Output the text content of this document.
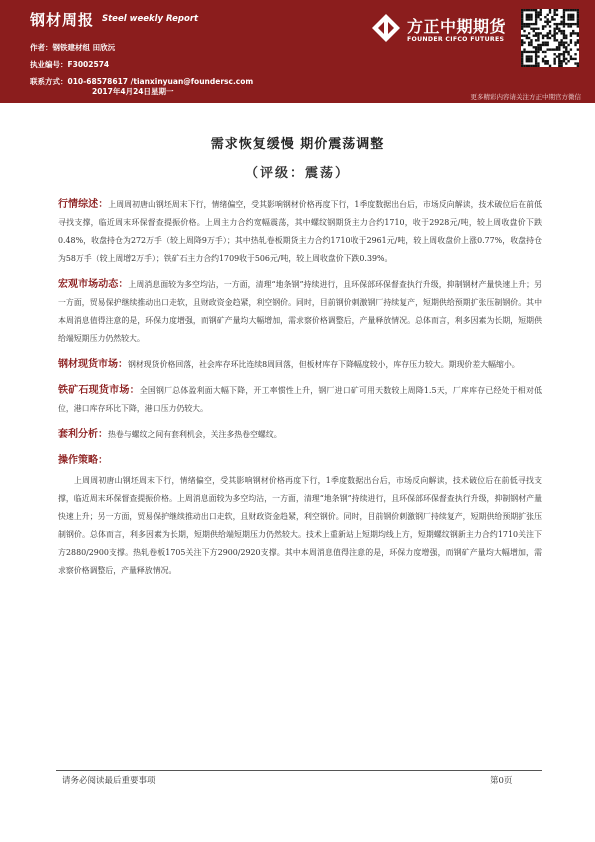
钢材周报 Steel weekly Report
作者：钢铁建材组 田欣沅
执业编号：F3002574
联系方式：010-68578617 /tianxinyuan@foundersc.com
2017年4月24日星期一
方正中期期货
FOUNDER CIFCO FUTURES
更多精彩内容请关注方正中期官方微信
需求恢复缓慢 期价震荡调整
（评级：震荡）

行情综述：上周周初唐山钢坯周末下行，情绪偏空，受其影响钢材价格再度下行，1季度数据出台后，市场反向解读，技术破位后在前低寻找支撑，临近周末环保督查提振价格。上周主力合约宽幅震荡，其中螺纹钢期货主力合约1710，收于2928元/吨，较上周收盘价下跌0.48%，收盘持仓为272万手（较上周降9万手）；其中热轧卷板期货主力合约1710收于2961元/吨，较上周收盘价上涨0.77%，收盘持仓为58万手（较上周增2万手）；铁矿石主力合约1709收于506元/吨，较上周收盘价下跌0.39%。

宏观市场动态：上周消息面较为多空均沾，一方面，清理“地条钢”持续进行，且环保部环保督查执行升级，抑制钢材产量快速上升；另一方面，贸易保护继续推动出口走软，且财政资金趋紧，利空钢价。同时，目前钢价刺激钢厂持续复产，短期供给预期扩张压制钢价。其中本周消息值得注意的是，环保力度增强，而钢矿产量均大幅增加，需求察价格调整后，产量释放情况。总体而言，利多因素为长期，短期供给端短期压力仍然较大。

钢材现货市场：钢材现货价格回落，社会库存环比连续8周回落，但板材库存下降幅度较小，库存压力较大。期现价差大幅缩小。

铁矿石现货市场：全国钢厂总体盈利面大幅下降，开工率惯性上升，钢厂进口矿可用天数较上周降1.5天，厂库库存已经处于相对低位，港口库存环比下降，港口压力仍较大。

套利分析：热卷与螺纹之间有套利机会，关注多热卷空螺纹。

操作策略：

上周周初唐山钢坯周末下行，情绪偏空，受其影响钢材价格再度下行，1季度数据出台后，市场反向解读，技术破位后在前低寻找支撑，临近周末环保督查提振价格。上周消息面较为多空均沾，一方面，清理“地条钢”持续进行，且环保部环保督查执行升级，抑制钢材产量快速上升；另一方面，贸易保护继续推动出口走软，且财政资金趋紧，利空钢价。同时，目前钢价刺激钢厂持续复产，短期供给预期扩张压制钢价。总体而言，利多因素为长期，短期供给端短期压力仍然较大。技术上重新站上短期均线上方，短期螺纹钢新主力合约1710关注下方2880/2900支撑。热轧卷板1705关注下方2900/2920支撑。其中本周消息值得注意的是，环保力度增强，而钢矿产量均大幅增加，需求察价格调整后，产量释放情况。

请务必阅读最后重要事项	第0页
